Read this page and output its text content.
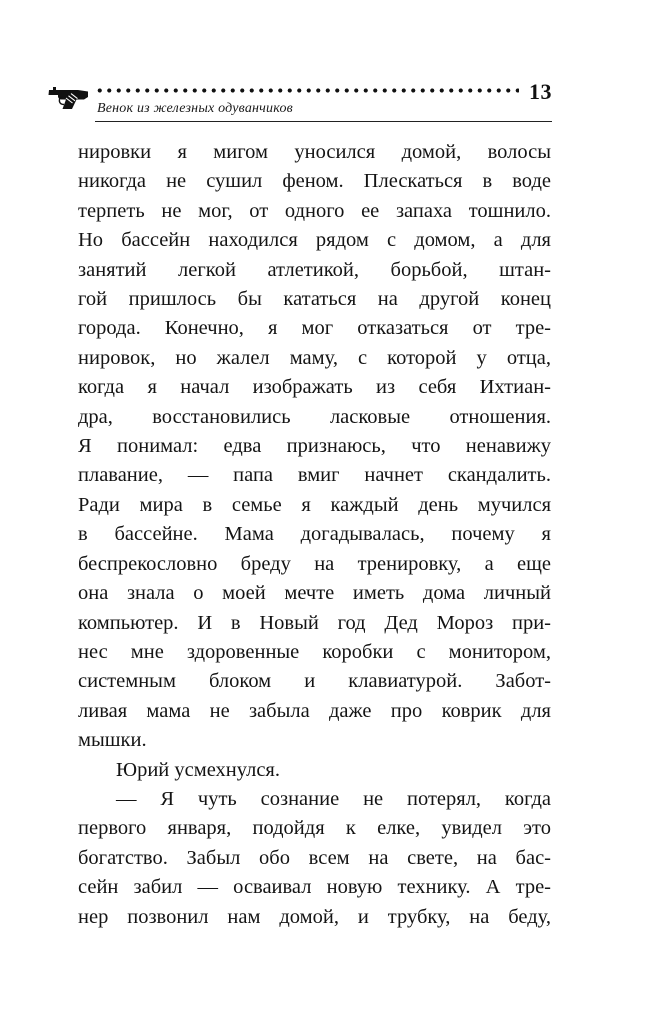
13
Венок из железных одуванчиков
нировки я мигом уносился домой, волосы
никогда не сушил феном. Плескаться в воде
терпеть не мог, от одного ее запаха тошнило.
Но бассейн находился рядом с домом, а для
занятий легкой атлетикой, борьбой, штан-
гой пришлось бы кататься на другой конец
города. Конечно, я мог отказаться от тре-
нировок, но жалел маму, с которой у отца,
когда я начал изображать из себя Ихтиан-
дра, восстановились ласковые отношения.
Я понимал: едва признаюсь, что ненавижу
плавание, — папа вмиг начнет скандалить.
Ради мира в семье я каждый день мучился
в бассейне. Мама догадывалась, почему я
беспрекословно бреду на тренировку, а еще
она знала о моей мечте иметь дома личный
компьютер. И в Новый год Дед Мороз при-
нес мне здоровенные коробки с монитором,
системным блоком и клавиатурой. Забот-
ливая мама не забыла даже про коврик для
мышки.
Юрий усмехнулся.
— Я чуть сознание не потерял, когда
первого января, подойдя к елке, увидел это
богатство. Забыл обо всем на свете, на бас-
сейн забил — осваивал новую технику. А тре-
нер позвонил нам домой, и трубку, на беду,
